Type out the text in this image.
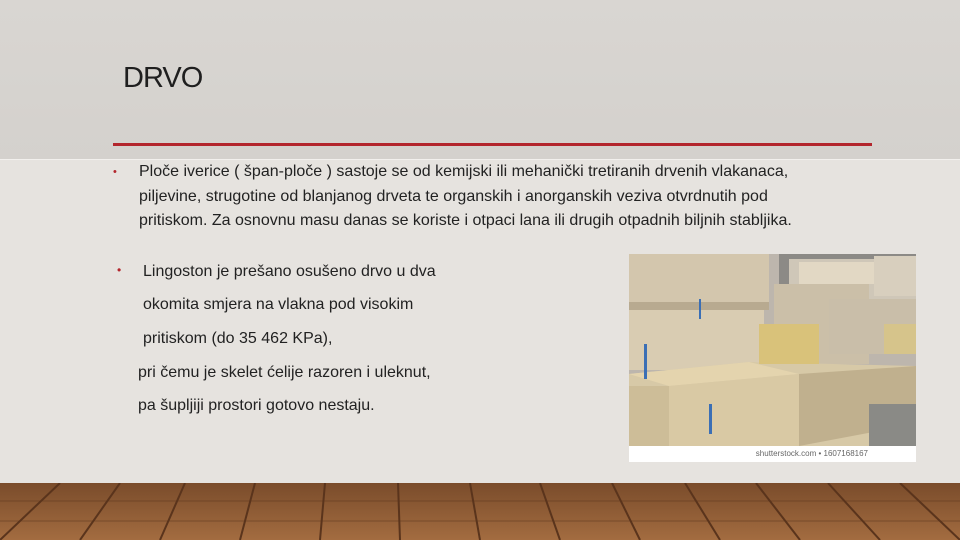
DRVO
• Ploče iverice ( špan-ploče ) sastoje se od kemijski ili mehanički tretiranih drvenih vlakanaca, piljevine, strugotine od blanjanog drveta te organskih i anorganskih veziva otvrdnutih pod pritiskom. Za osnovnu masu danas se koriste i otpaci lana ili drugih otpadnih biljnih stabljika.
• Lingoston je prešano osušeno drvo u dva
okomita smjera na vlakna pod visokim
pritiskom (do 35 462 KPa),
pri čemu je skelet ćelije razoren i uleknut,
pa šupljiji prostori gotovo nestaju.
shutterstock.com • 1607168167
